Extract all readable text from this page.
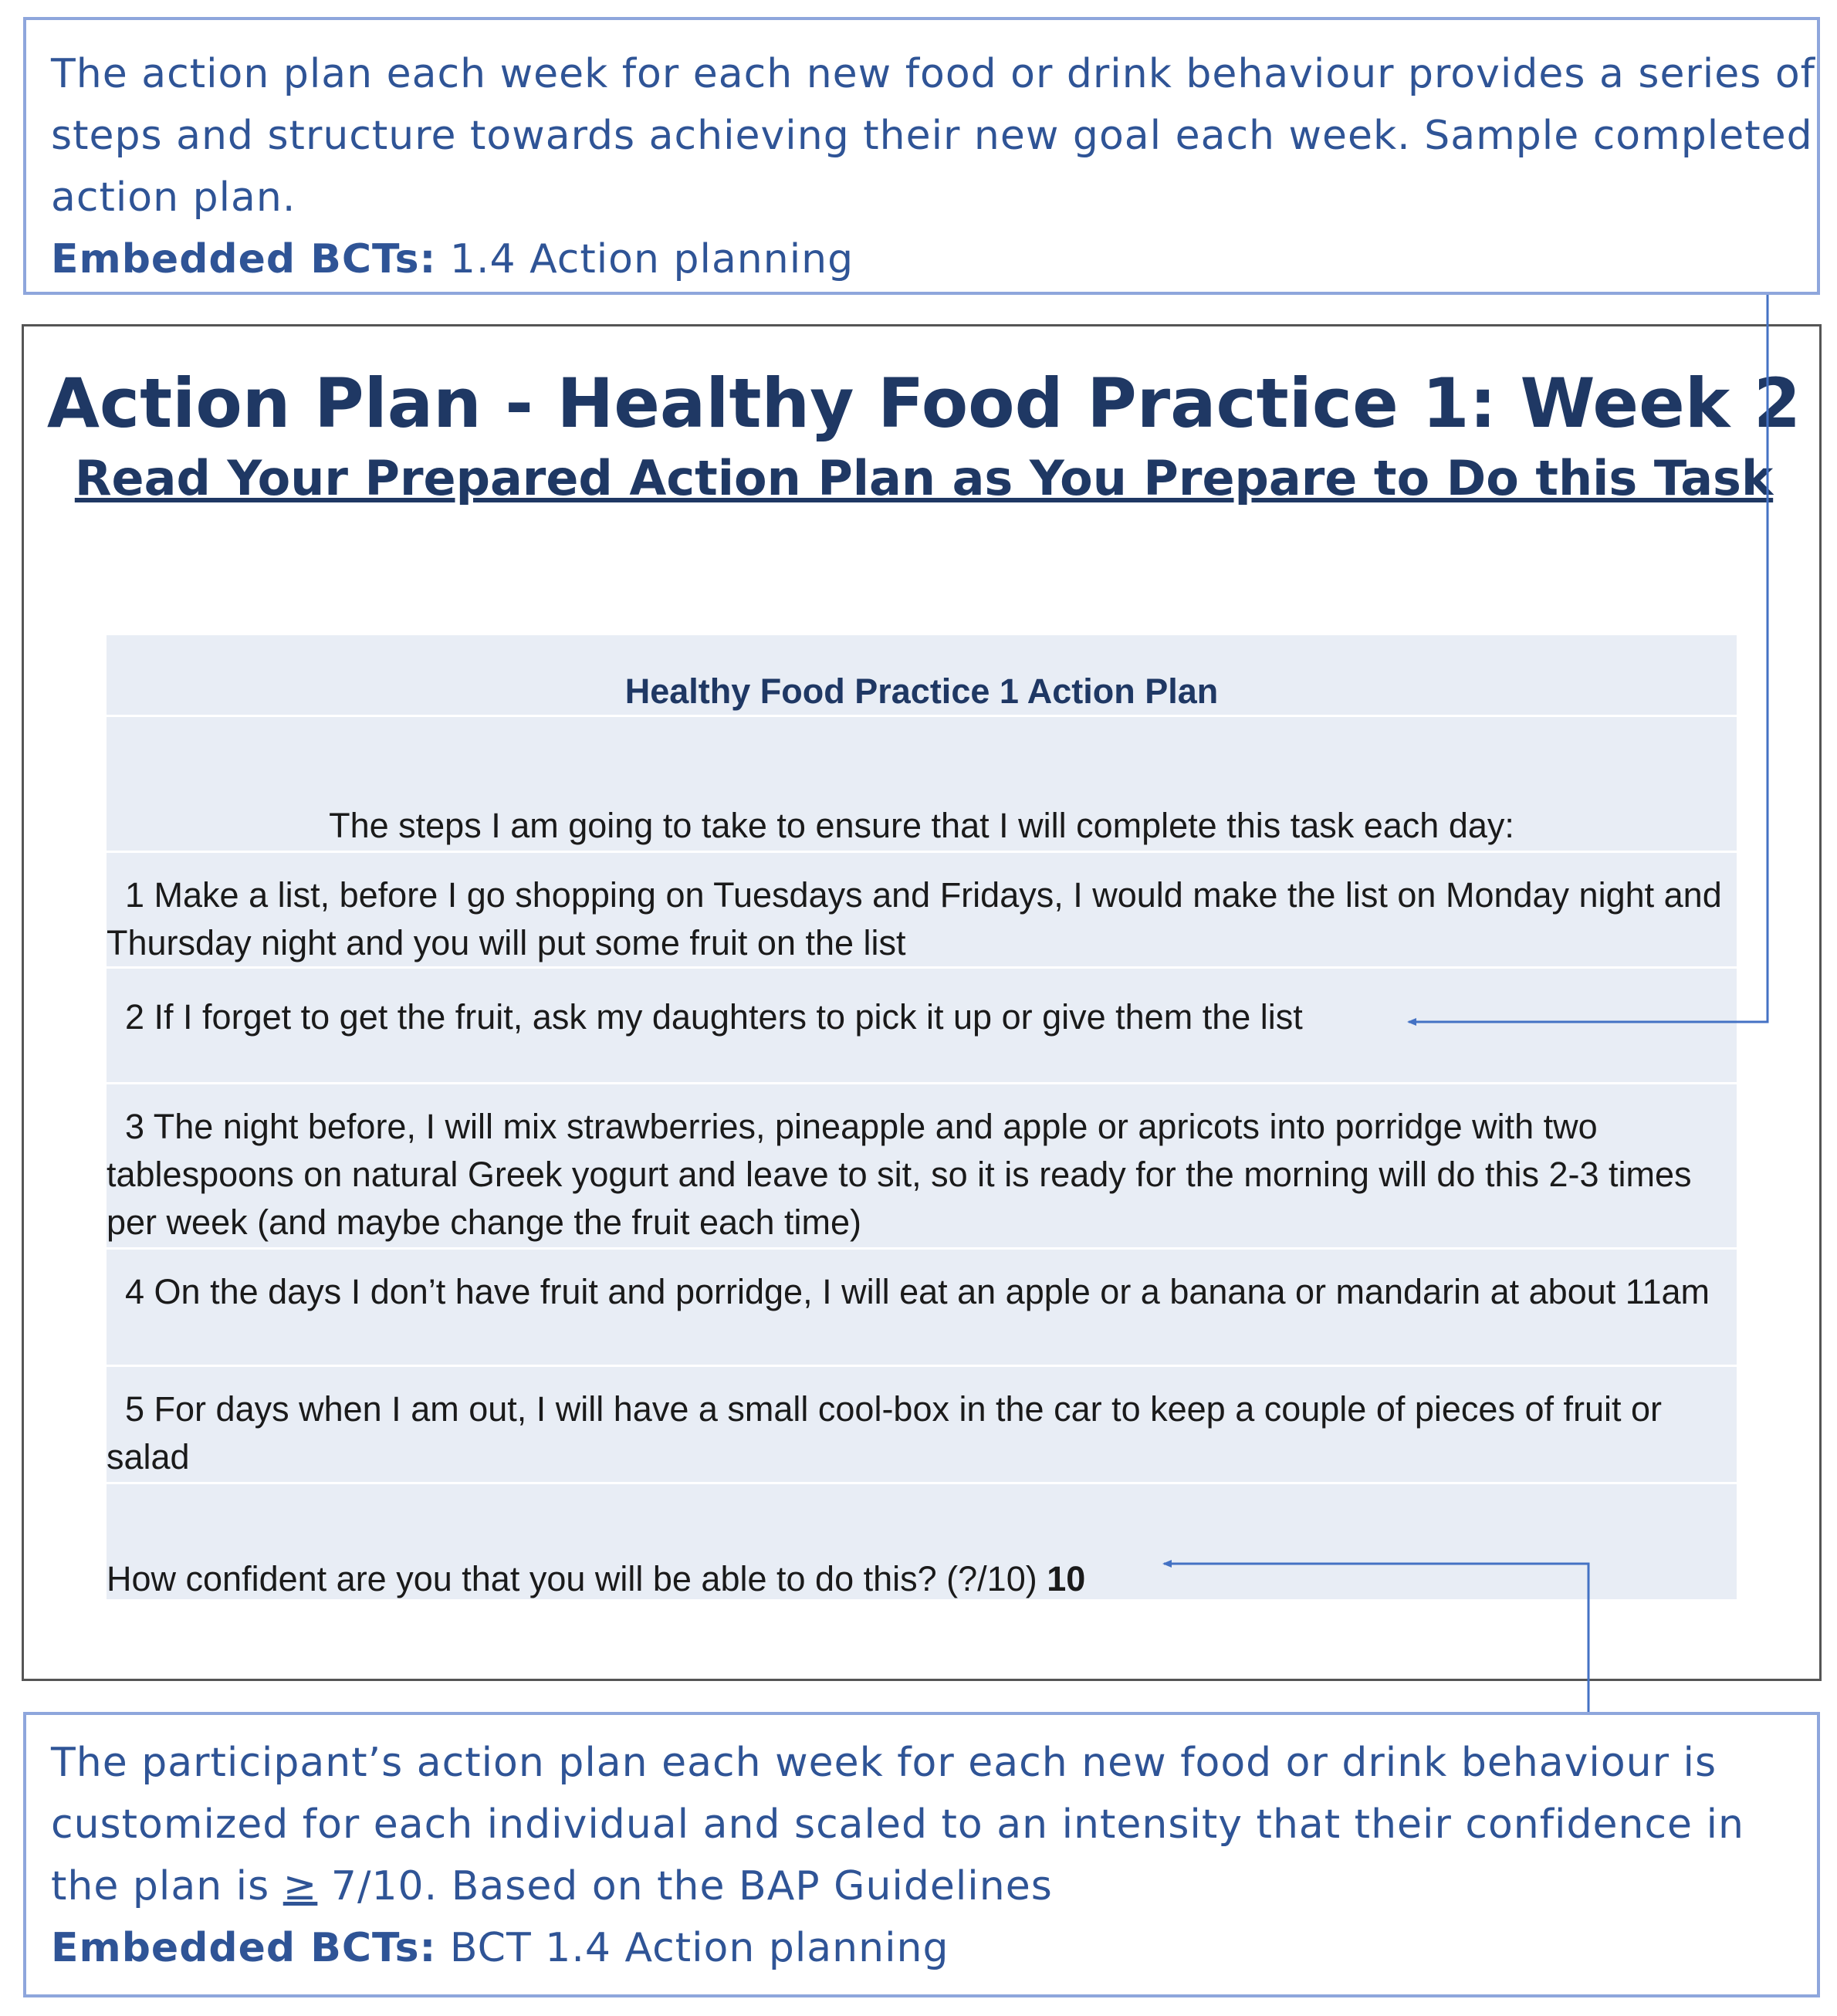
The action plan each week for each new food or drink behaviour provides a series of steps and structure towards achieving their new goal each week. Sample completed action plan.

Embedded BCTs: 1.4 Action planning

Action Plan - Healthy Food Practice 1: Week 2
Read Your Prepared Action Plan as You Prepare to Do this Task
Healthy Food Practice 1 Action Plan
The steps I am going to take to ensure that I will complete this task each day:
1 Make a list, before I go shopping on Tuesdays and Fridays, I would make the list on Monday night and Thursday night and you will put some fruit on the list
2 If I forget to get the fruit, ask my daughters to pick it up or give them the list
3 The night before, I will mix strawberries, pineapple and apple or apricots into porridge with two tablespoons on natural Greek yogurt and leave to sit, so it is ready for the morning will do this 2-3 times per week (and maybe change the fruit each time)
4 On the days I don’t have fruit and porridge, I will eat an apple or a banana or mandarin at about 11am
5 For days when I am out, I will have a small cool-box in the car to keep a couple of pieces of fruit or salad
How confident are you that you will be able to do this? (?/10) 10

The participant’s action plan each week for each new food or drink behaviour is customized for each individual and scaled to an intensity that their confidence in the plan is ≥ 7/10. Based on the BAP Guidelines

Embedded BCTs: BCT 1.4 Action planning
